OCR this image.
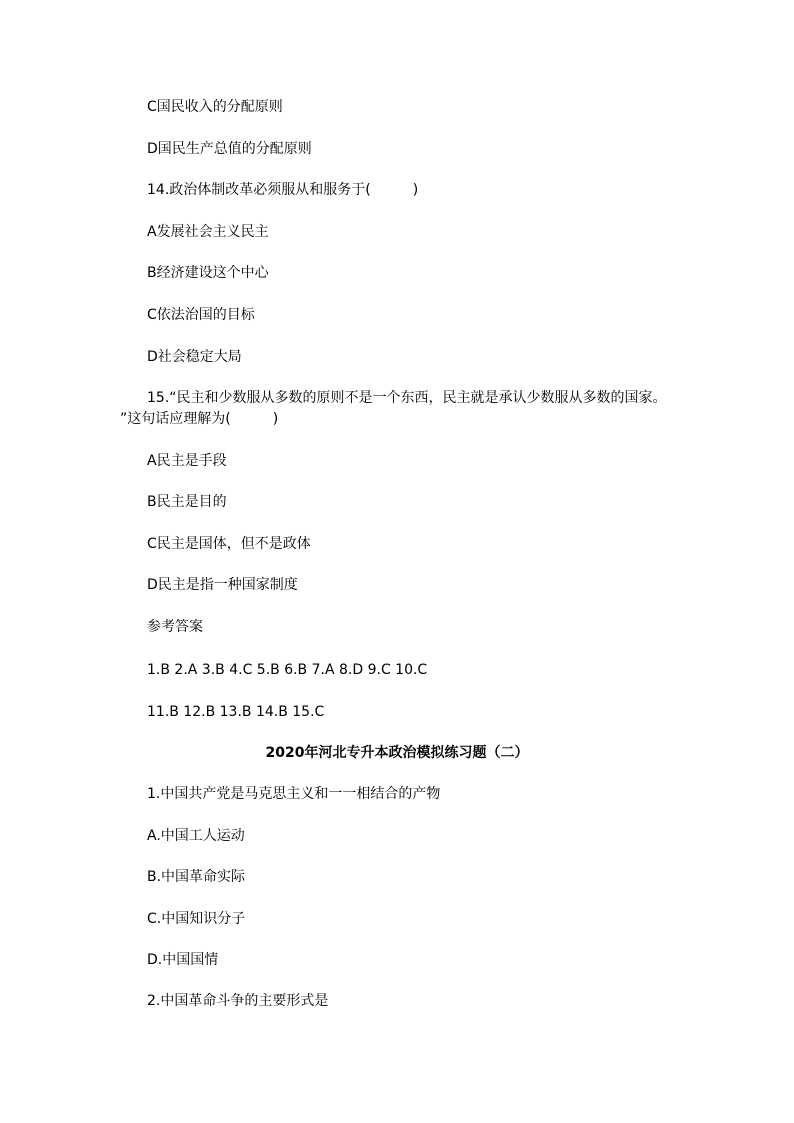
C国民收入的分配原则
D国民生产总值的分配原则
14.政治体制改革必须服从和服务于(　　　)
A发展社会主义民主
B经济建设这个中心
C依法治国的目标
D社会稳定大局
15.“民主和少数服从多数的原则不是一个东西，民主就是承认少数服从多数的国家。
”这句话应理解为(　　　)
A民主是手段
B民主是目的
C民主是国体，但不是政体
D民主是指一种国家制度
参考答案
1.B 2.A 3.B 4.C 5.B 6.B 7.A 8.D 9.C 10.C
11.B 12.B 13.B 14.B 15.C
2020年河北专升本政治模拟练习题（二）
1.中国共产党是马克思主义和一一相结合的产物
A.中国工人运动
B.中国革命实际
C.中国知识分子
D.中国国情
2.中国革命斗争的主要形式是
